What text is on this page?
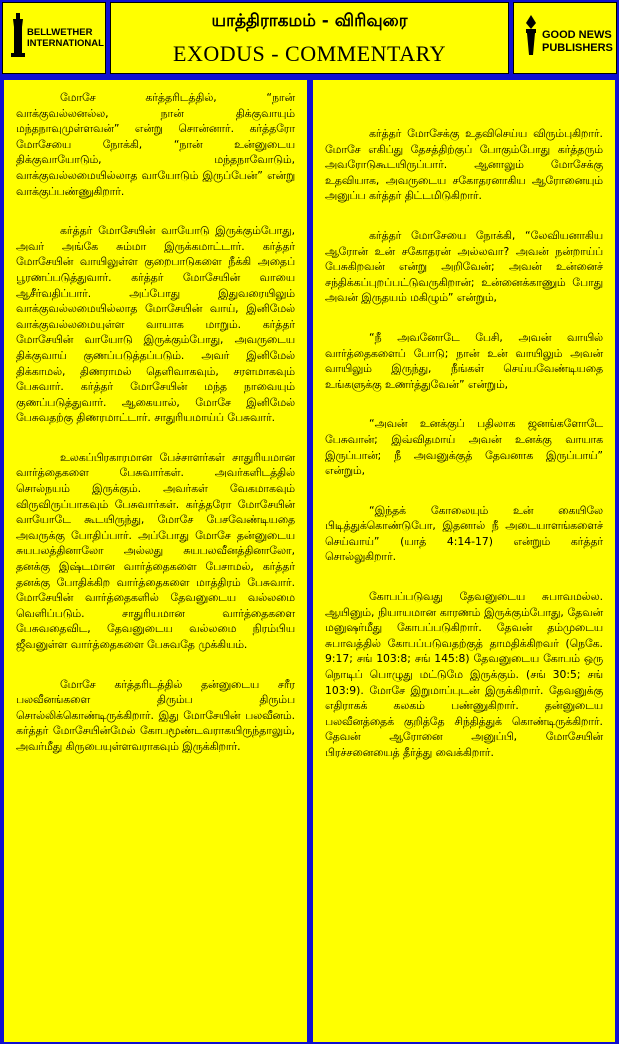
BELLWETHER
INTERNATIONAL
யாத்திராகமம் - விரிவுரை
EXODUS - COMMENTARY
GOOD NEWS
PUBLISHERS

மோசே கர்த்தரிடத்தில், “நான் வாக்குவல்லனல்ல, நான் திக்குவாயும் மந்தநாவுமுள்ளவன்” என்று சொன்னார். கர்த்தரோ மோசேயை நோக்கி, “நான் உன்னுடைய திக்குவாயோடும், மந்தநாவோடும், வாக்குவல்லமையில்லாத வாயோடும் இருப்பேன்” என்று வாக்குப்பண்ணுகிறார்.

கர்த்தர் மோசேயின் வாயோடு இருக்கும்போது, அவர் அங்கே சும்மா இருக்கமாட்டார். கர்த்தர் மோசேயின் வாயிலுள்ள குறைபாடுகளை நீக்கி அதைப் பூரணப்படுத்துவார். கர்த்தர் மோசேயின் வாயை ஆசீர்வதிப்பார். அப்போது இதுவரையிலும் வாக்குவல்லமையில்லாத மோசேயின் வாய், இனிமேல் வாக்குவல்லமையுள்ள வாயாக மாறும். கர்த்தர் மோசேயின் வாயோடு இருக்கும்போது, அவருடைய திக்குவாய் குணப்படுத்தப்படும். அவர் இனிமேல் திக்காமல், திணராமல் தெளிவாகவும், சரளமாகவும் பேசுவார். கர்த்தர் மோசேயின் மந்த நாவையும் குணப்படுத்துவார். ஆகையால், மோசே இனிமேல் பேசுவதற்கு திணரமாட்டார். சாதுரியமாய்ப் பேசுவார்.

உலகப்பிரகாரமான பேச்சாளர்கள் சாதுரியமான வார்த்தைகளை பேசுவார்கள். அவர்களிடத்தில் சொல்நயம் இருக்கும். அவர்கள் வேகமாகவும் விருவிருப்பாகவும் பேசுவார்கள். கர்த்தரோ மோசேயின் வாயோடே கூடயிருந்து, மோசே பேசவேண்டியதை அவருக்கு போதிப்பார். அப்போது மோசே தன்னுடைய சுயபலத்தினாலோ அல்லது சுயபலவீனத்தினாலோ, தனக்கு இஷ்டமான வார்த்தைகளை பேசாமல், கர்த்தர் தனக்கு போதிக்கிற வார்த்தைகளை மாத்திரம் பேசுவார். மோசேயின் வார்த்தைகளில் தேவனுடைய வல்லமை வெளிப்படும். சாதுரியமான வார்த்தைகளை பேசுவதைவிட, தேவனுடைய வல்லமை நிரம்பிய ஜீவனுள்ள வார்த்தைகளை பேசுவதே முக்கியம்.

மோசே கர்த்தரிடத்தில் தன்னுடைய சரீர பலவீனங்களை திரும்ப திரும்ப சொல்லிக்கொண்டிருக்கிறார். இது மோசேயின் பலவீனம். கர்த்தர் மோசேயின்மேல் கோபமூண்டவராகயிருந்தாலும், அவர்மீது கிருபையுள்ளவராகவும் இருக்கிறார்.

கர்த்தர் மோசேக்கு உதவிசெய்ய விரும்புகிறார். மோசே எகிப்து தேசத்திற்குப் போகும்போது கர்த்தரும் அவரோடுகூடயிருப்பார். ஆனாலும் மோசேக்கு உதவியாக, அவருடைய சகோதரனாகிய ஆரோனையும் அனுப்ப கர்த்தர் திட்டமிடுகிறார்.

கர்த்தர் மோசேயை நோக்கி, “லேவியனாகிய ஆரோன் உன் சகோதரன் அல்லவா? அவன் நன்றாய்ப் பேசுகிறவன் என்று அறிவேன்; அவன் உன்னைச் சந்திக்கப்புறப்பட்டுவருகிறான்; உன்னைக்காணும் போது அவன் இருதயம் மகிழும்” என்றும்,

“நீ அவனோடே பேசி, அவன் வாயில் வார்த்தைகளைப் போடு; நான் உன் வாயிலும் அவன் வாயிலும் இருந்து, நீங்கள் செய்யவேண்டியதை உங்களுக்கு உணர்த்துவேன்” என்றும்,

“அவன் உனக்குப் பதிலாக ஜனங்களோடே பேசுவான்; இவ்விதமாய் அவன் உனக்கு வாயாக இருப்பான்; நீ அவனுக்குத் தேவனாக இருப்பாய்” என்றும்,

“இந்தக் கோலையும் உன் கையிலே பிடித்துக்கொண்டுபோ, இதனால் நீ அடையாளங்களைச் செய்வாய்” (யாத் 4:14-17) என்றும் கர்த்தர் சொல்லுகிறார்.

கோபப்படுவது தேவனுடைய சுபாவமல்ல. ஆயினும், நியாயமான காரணம் இருக்கும்போது, தேவன் மனுஷர்மீது கோபப்படுகிறார். தேவன் தம்முடைய சுபாவத்தில் கோபப்படுவதற்குத் தாமதிக்கிறவர் (நெகே. 9:17; சங் 103:8; சங் 145:8) தேவனுடைய கோபம் ஒரு நொடிப் பொழுது மட்டுமே இருக்கும். (சங் 30:5; சங் 103:9). மோசே இறுமாப்புடன் இருக்கிறார். தேவனுக்கு எதிராகக் கலகம் பண்ணுகிறார். தன்னுடைய பலவீனத்தைக் குறித்தே சிந்தித்துக் கொண்டிருக்கிறார். தேவன் ஆரோனை அனுப்பி, மோசேயின் பிரச்சனையைத் தீர்த்து வைக்கிறார்.
